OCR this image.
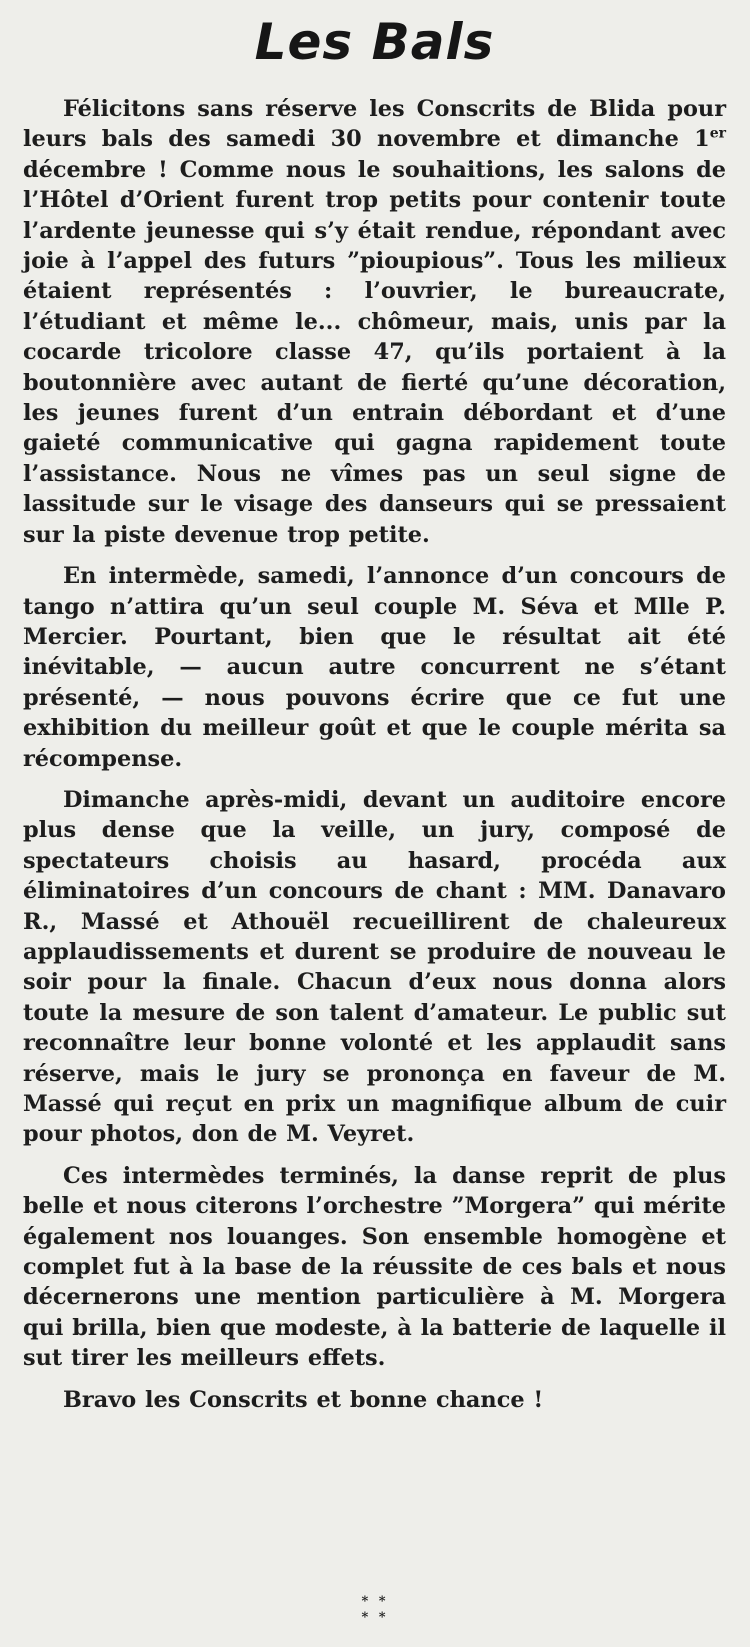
Les Bals

Félicitons sans réserve les Conscrits de Blida pour leurs bals des samedi 30 novembre et dimanche 1er décembre ! Comme nous le souhaitions, les salons de l’Hôtel d’Orient furent trop petits pour contenir toute l’ardente jeunesse qui s’y était rendue, répondant avec joie à l’appel des futurs ”pioupious”. Tous les milieux étaient représentés : l’ouvrier, le bureaucrate, l’étudiant et même le... chômeur, mais, unis par la cocarde tricolore classe 47, qu’ils portaient à la boutonnière avec autant de fierté qu’une décoration, les jeunes furent d’un entrain débordant et d’une gaieté communicative qui gagna rapidement toute l’assistance. Nous ne vîmes pas un seul signe de lassitude sur le visage des danseurs qui se pressaient sur la piste devenue trop petite.

En intermède, samedi, l’annonce d’un concours de tango n’attira qu’un seul couple M. Séva et Mlle P. Mercier. Pourtant, bien que le résultat ait été inévitable, — aucun autre concurrent ne s’étant présenté, — nous pouvons écrire que ce fut une exhibition du meilleur goût et que le couple mérita sa récompense.

Dimanche après-midi, devant un auditoire encore plus dense que la veille, un jury, composé de spectateurs choisis au hasard, procéda aux éliminatoires d’un concours de chant : MM. Danavaro R., Massé et Athouël recueillirent de chaleureux applaudissements et durent se produire de nouveau le soir pour la finale. Chacun d’eux nous donna alors toute la mesure de son talent d’amateur. Le public sut reconnaître leur bonne volonté et les applaudit sans réserve, mais le jury se prononça en faveur de M. Massé qui reçut en prix un magnifique album de cuir pour photos, don de M. Veyret.

Ces intermèdes terminés, la danse reprit de plus belle et nous citerons l’orchestre ”Morgera” qui mérite également nos louanges. Son ensemble homogène et complet fut à la base de la réussite de ces bals et nous décernerons une mention particulière à M. Morgera qui brilla, bien que modeste, à la batterie de laquelle il sut tirer les meilleurs effets.

Bravo les Conscrits et bonne chance !

* *
* *
